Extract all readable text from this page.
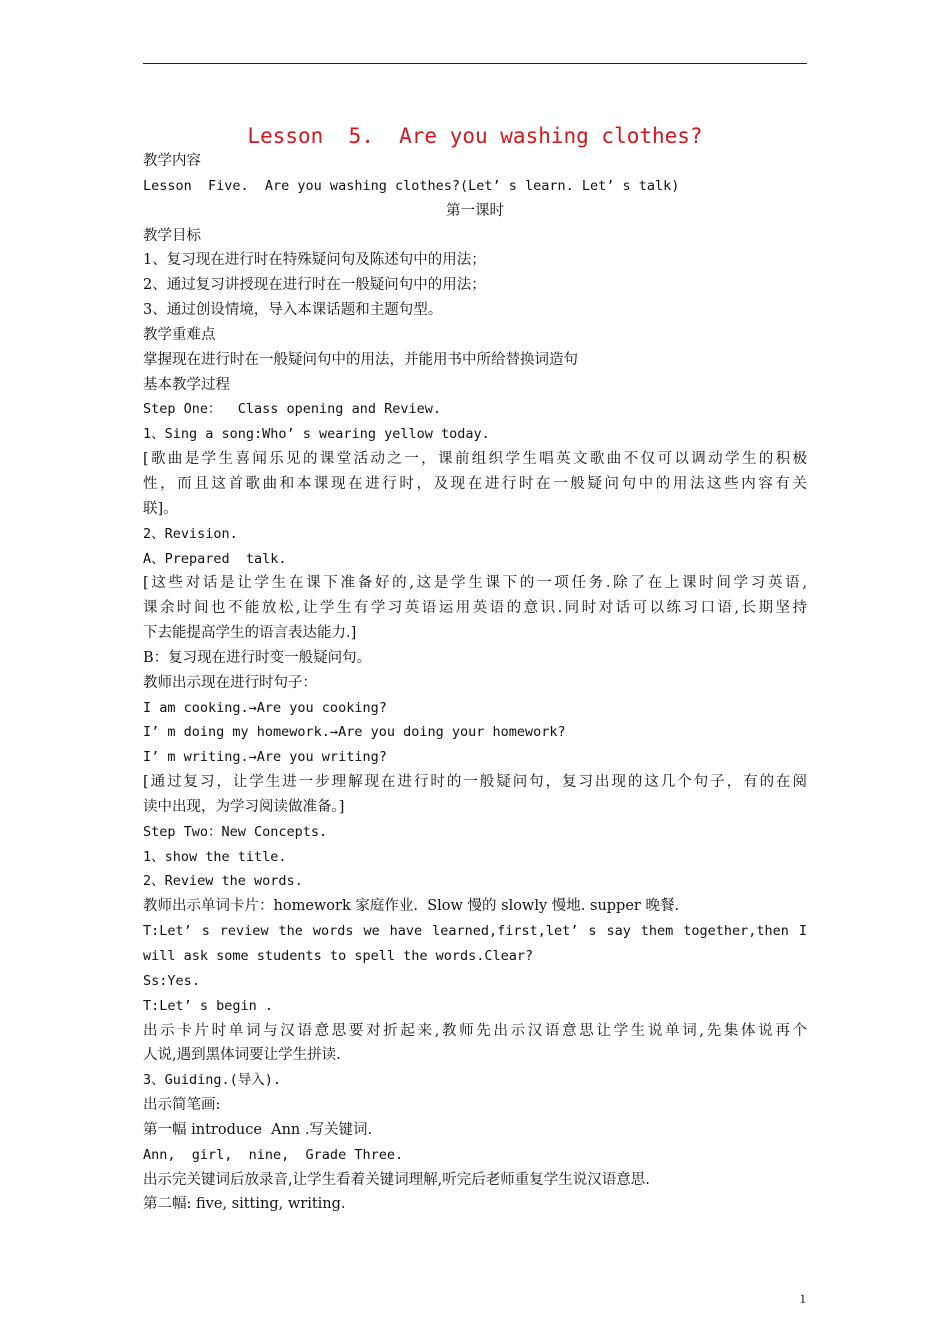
Lesson  5.  Are you washing clothes?
教学内容
Lesson  Five.  Are you washing clothes?(Let’ s learn. Let’ s talk)
第一课时
教学目标
1、复习现在进行时在特殊疑问句及陈述句中的用法；
2、通过复习讲授现在进行时在一般疑问句中的用法；
3、通过创设情境，导入本课话题和主题句型。
教学重难点
掌握现在进行时在一般疑问句中的用法，并能用书中所给替换词造句
基本教学过程
Step One：  Class opening and Review.
1、Sing a song:Who’ s wearing yellow today.
[歌曲是学生喜闻乐见的课堂活动之一，课前组织学生唱英文歌曲不仅可以调动学生的积极
性，而且这首歌曲和本课现在进行时，及现在进行时在一般疑问句中的用法这些内容有关
联]。
2、Revision.
A、Prepared  talk.
[这些对话是让学生在课下准备好的,这是学生课下的一项任务.除了在上课时间学习英语,
课余时间也不能放松,让学生有学习英语运用英语的意识.同时对话可以练习口语,长期坚持
下去能提高学生的语言表达能力.]
B：复习现在进行时变一般疑问句。
教师出示现在进行时句子：
I am cooking.→Are you cooking?
I’ m doing my homework.→Are you doing your homework?
I’ m writing.→Are you writing?
[通过复习，让学生进一步理解现在进行时的一般疑问句，复习出现的这几个句子，有的在阅
读中出现，为学习阅读做准备。]
Step Two：New Concepts.
1、show the title.
2、Review the words.
教师出示单词卡片：homework 家庭作业.  Slow 慢的 slowly 慢地. supper 晚餐.
T:Let’ s review the words we have learned,first,let’ s say them together,then I
will ask some students to spell the words.Clear?
Ss:Yes.
T:Let’ s begin .
出示卡片时单词与汉语意思要对折起来,教师先出示汉语意思让学生说单词,先集体说再个
人说,遇到黑体词要让学生拼读.
3、Guiding.(导入).
出示简笔画:
第一幅 introduce  Ann .写关键词.
Ann,  girl,  nine,  Grade Three.
出示完关键词后放录音,让学生看着关键词理解,听完后老师重复学生说汉语意思.
第二幅: five, sitting, writing.
1
